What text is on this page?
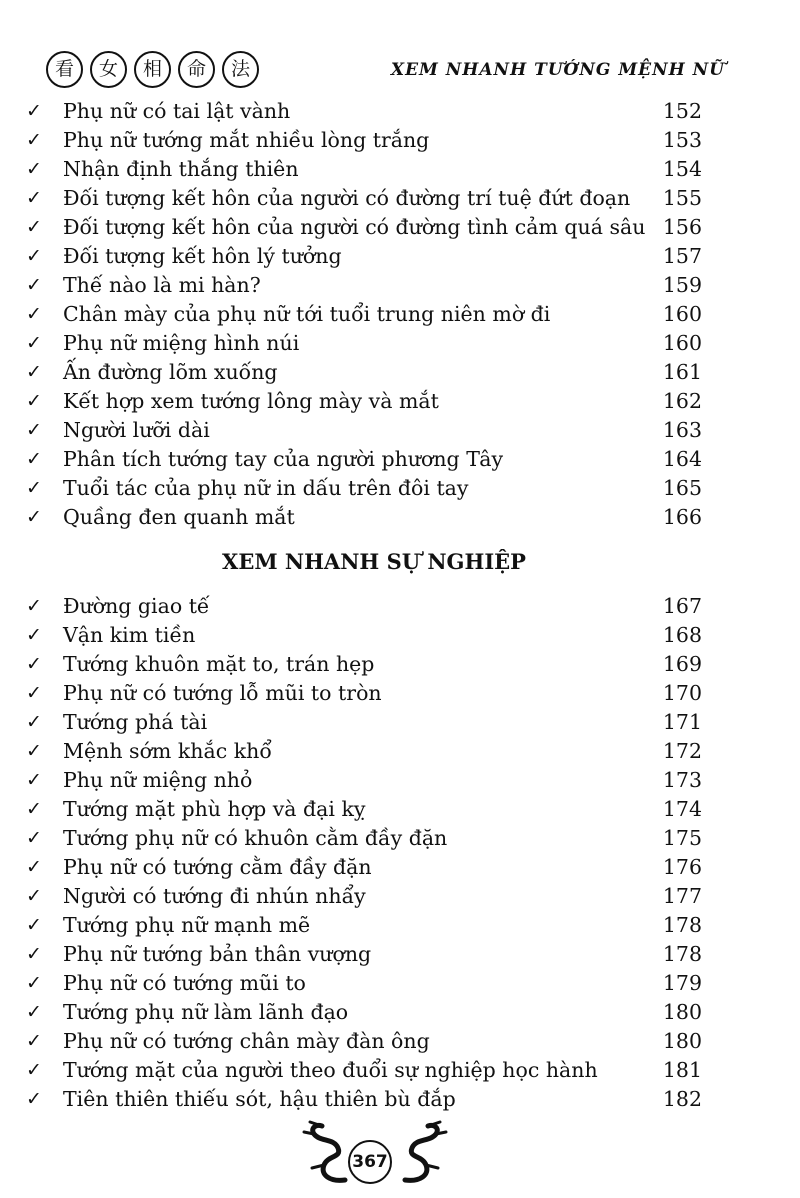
看	女	相	命	法	XEM NHANH TƯỚNG MỆNH NỮ
✓ Phụ nữ có tai lật vành	152
✓ Phụ nữ tướng mắt nhiều lòng trắng	153
✓ Nhận định thắng thiên	154
✓ Đối tượng kết hôn của người có đường trí tuệ đứt đoạn 155
✓ Đối tượng kết hôn của người có đường tình cảm quá sâu 156
✓ Đối tượng kết hôn lý tưởng	157
✓ Thế nào là mi hàn?	159
✓ Chân mày của phụ nữ tới tuổi trung niên mờ đi	160
✓ Phụ nữ miệng hình núi	160
✓ Ấn đường lõm xuống	161
✓ Kết hợp xem tướng lông mày và mắt	162
✓ Người lưỡi dài	163
✓ Phân tích tướng tay của người phương Tây	164
✓ Tuổi tác của phụ nữ in dấu trên đôi tay	165
✓ Quầng đen quanh mắt	166
XEM NHANH SỰ NGHIỆP
✓ Đường giao tế	167
✓ Vận kim tiền	168
✓ Tướng khuôn mặt to, trán hẹp	169
✓ Phụ nữ có tướng lỗ mũi to tròn	170
✓ Tướng phá tài	171
✓ Mệnh sớm khắc khổ	172
✓ Phụ nữ miệng nhỏ	173
✓ Tướng mặt phù hợp và đại kỵ	174
✓ Tướng phụ nữ có khuôn cằm đầy đặn	175
✓ Phụ nữ có tướng cằm đầy đặn	176
✓ Người có tướng đi nhún nhẩy	177
✓ Tướng phụ nữ mạnh mẽ	178
✓ Phụ nữ tướng bản thân vượng	178
✓ Phụ nữ có tướng mũi to	179
✓ Tướng phụ nữ làm lãnh đạo	180
✓ Phụ nữ có tướng chân mày đàn ông	180
✓ Tướng mặt của người theo đuổi sự nghiệp học hành	181
✓ Tiên thiên thiếu sót, hậu thiên bù đắp	182
367
